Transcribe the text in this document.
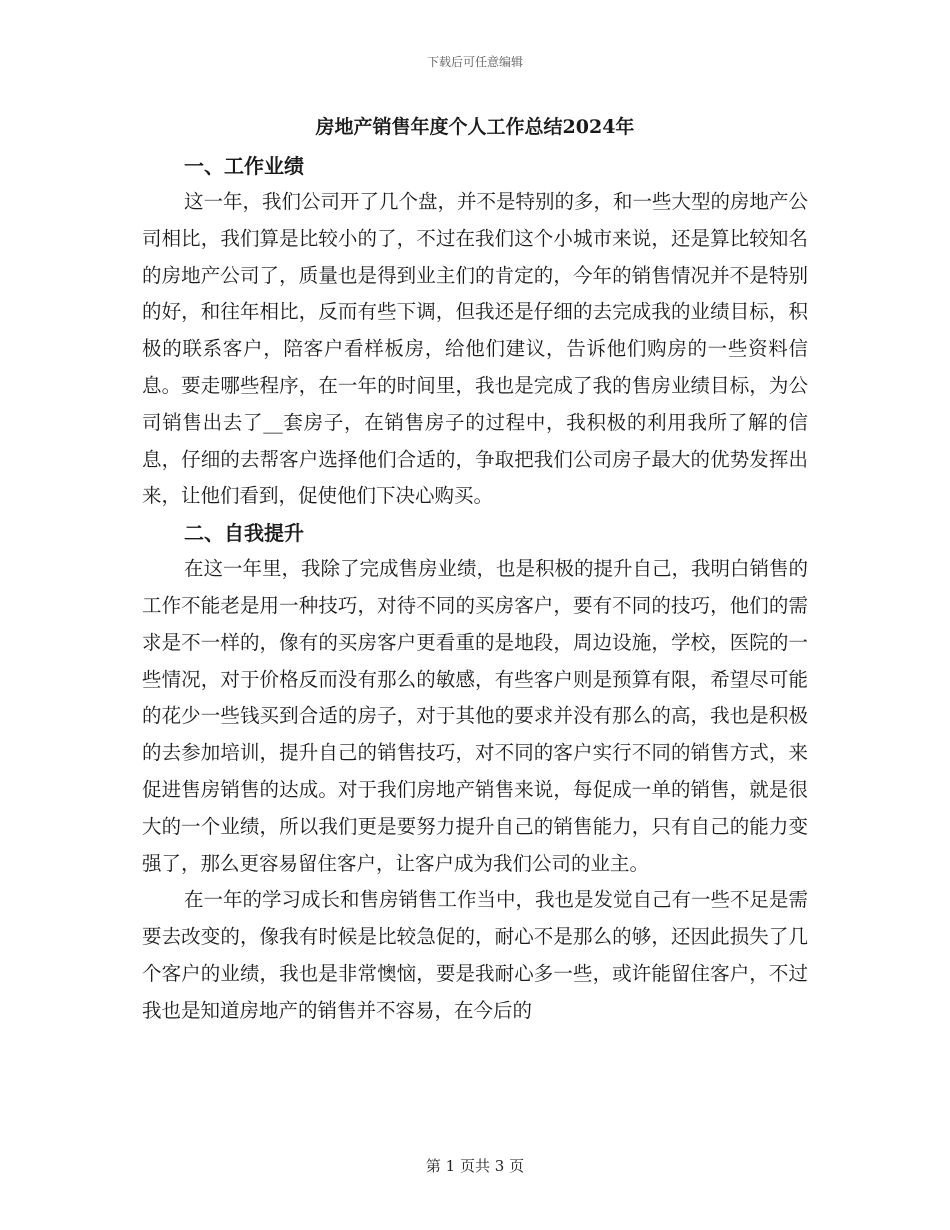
下载后可任意编辑
房地产销售年度个人工作总结2024年
一、工作业绩

这一年，我们公司开了几个盘，并不是特别的多，和一些大型的房地产公司相比，我们算是比较小的了，不过在我们这个小城市来说，还是算比较知名的房地产公司了，质量也是得到业主们的肯定的，今年的销售情况并不是特别的好，和往年相比，反而有些下调，但我还是仔细的去完成我的业绩目标，积极的联系客户，陪客户看样板房，给他们建议，告诉他们购房的一些资料信息。要走哪些程序，在一年的时间里，我也是完成了我的售房业绩目标，为公司销售出去了__套房子，在销售房子的过程中，我积极的利用我所了解的信息，仔细的去帮客户选择他们合适的，争取把我们公司房子最大的优势发挥出来，让他们看到，促使他们下决心购买。

二、自我提升

在这一年里，我除了完成售房业绩，也是积极的提升自己，我明白销售的工作不能老是用一种技巧，对待不同的买房客户，要有不同的技巧，他们的需求是不一样的，像有的买房客户更看重的是地段，周边设施，学校，医院的一些情况，对于价格反而没有那么的敏感，有些客户则是预算有限，希望尽可能的花少一些钱买到合适的房子，对于其他的要求并没有那么的高，我也是积极的去参加培训，提升自己的销售技巧，对不同的客户实行不同的销售方式，来促进售房销售的达成。对于我们房地产销售来说，每促成一单的销售，就是很大的一个业绩，所以我们更是要努力提升自己的销售能力，只有自己的能力变强了，那么更容易留住客户，让客户成为我们公司的业主。

在一年的学习成长和售房销售工作当中，我也是发觉自己有一些不足是需要去改变的，像我有时候是比较急促的，耐心不是那么的够，还因此损失了几个客户的业绩，我也是非常懊恼，要是我耐心多一些，或许能留住客户，不过我也是知道房地产的销售并不容易，在今后的

第 1 页共 3 页
